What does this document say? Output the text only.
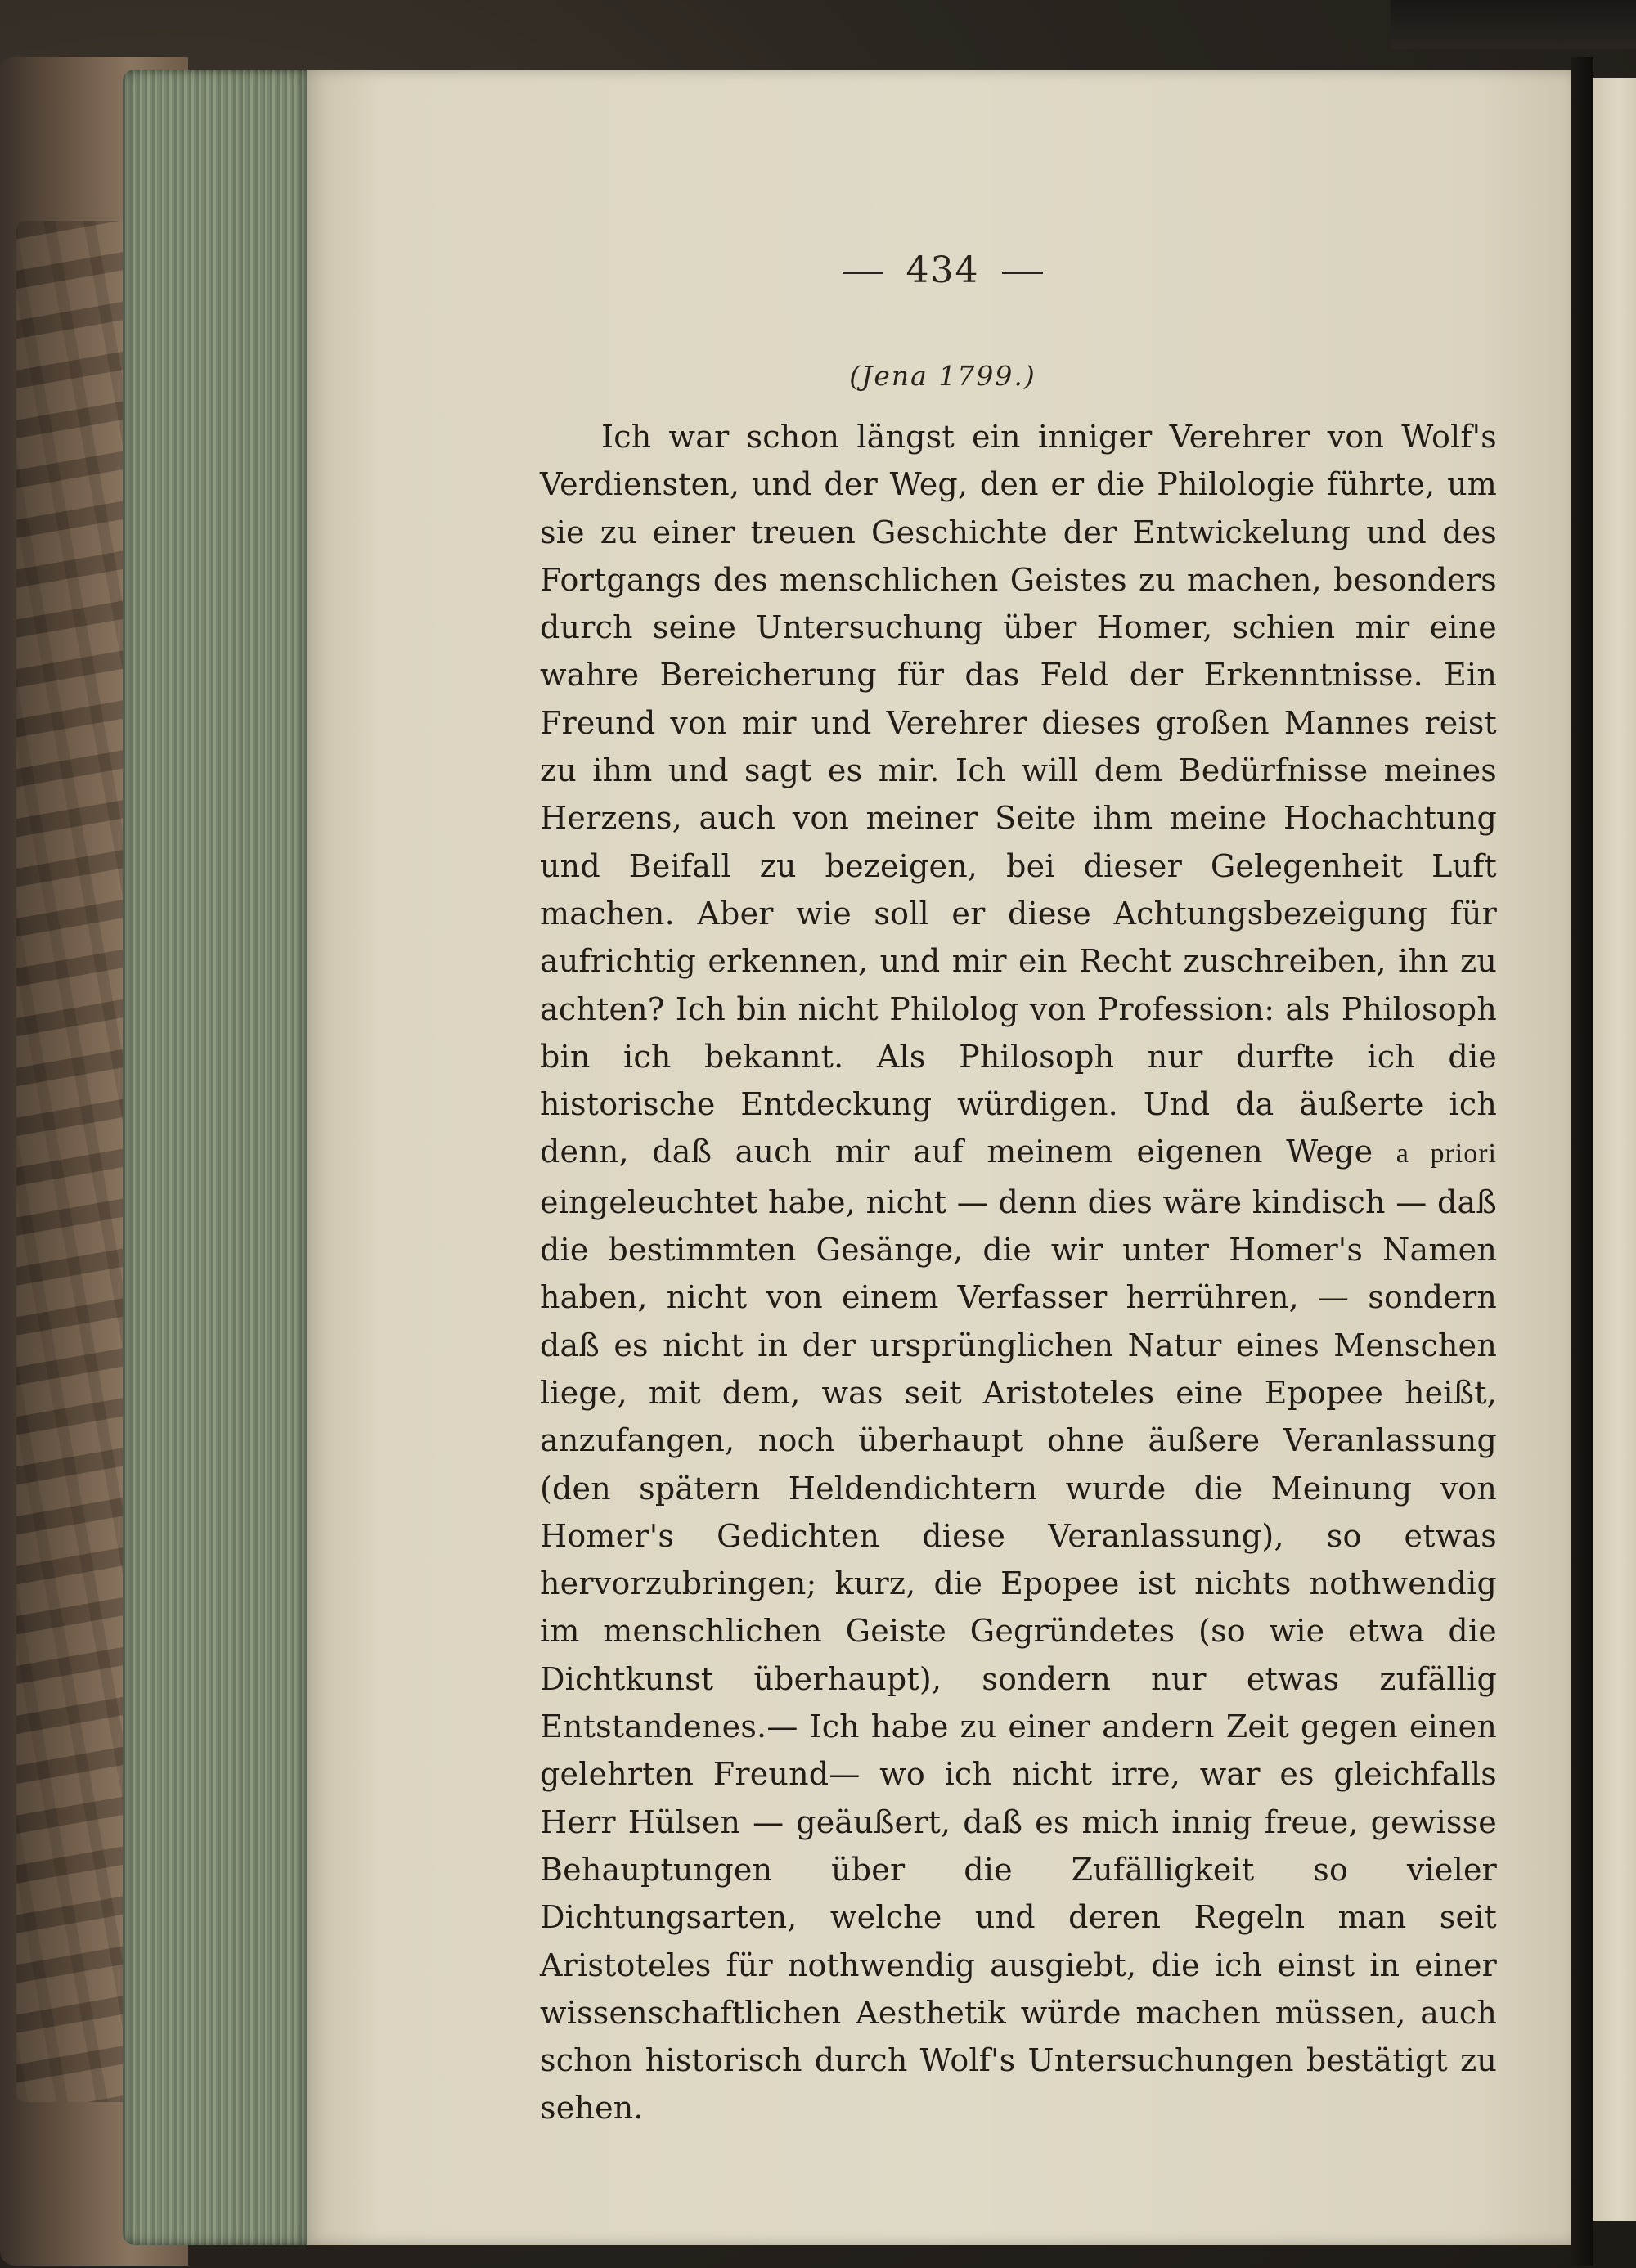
434
(Jena 1799.)

Ich war schon längst ein inniger Verehrer von Wolf's Verdiensten, und der Weg, den er die Philologie führte, um sie zu einer treuen Geschichte der Entwickelung und des Fortgangs des menschlichen Geistes zu machen, besonders durch seine Untersuchung über Homer, schien mir eine wahre Bereicherung für das Feld der Erkenntnisse. Ein Freund von mir und Verehrer dieses großen Mannes reist zu ihm und sagt es mir. Ich will dem Bedürfnisse meines Herzens, auch von meiner Seite ihm meine Hochachtung und Beifall zu bezeigen, bei dieser Gelegenheit Luft machen. Aber wie soll er diese Achtungsbezeigung für aufrichtig erkennen, und mir ein Recht zuschreiben, ihn zu achten? Ich bin nicht Philolog von Profession: als Philosoph bin ich bekannt. Als Philosoph nur durfte ich die historische Entdeckung würdigen. Und da äußerte ich denn, daß auch mir auf meinem eigenen Wege a priori eingeleuchtet habe, nicht — denn dies wäre kindisch — daß die bestimmten Gesänge, die wir unter Homer's Namen haben, nicht von einem Verfasser herrühren, — sondern daß es nicht in der ursprünglichen Natur eines Menschen liege, mit dem, was seit Aristoteles eine Epopee heißt, anzufangen, noch überhaupt ohne äußere Veranlassung (den spätern Heldendichtern wurde die Meinung von Homer's Gedichten diese Veranlassung), so etwas hervorzubringen; kurz, die Epopee ist nichts nothwendig im menschlichen Geiste Gegründetes (so wie etwa die Dichtkunst überhaupt), sondern nur etwas zufällig Entstandenes.— Ich habe zu einer andern Zeit gegen einen gelehrten Freund— wo ich nicht irre, war es gleichfalls Herr Hülsen — geäußert, daß es mich innig freue, gewisse Behauptungen über die Zufälligkeit so vieler Dichtungsarten, welche und deren Regeln man seit Aristoteles für nothwendig ausgiebt, die ich einst in einer wissenschaftlichen Aesthetik würde machen müssen, auch schon historisch durch Wolf's Untersuchungen bestätigt zu sehen.
